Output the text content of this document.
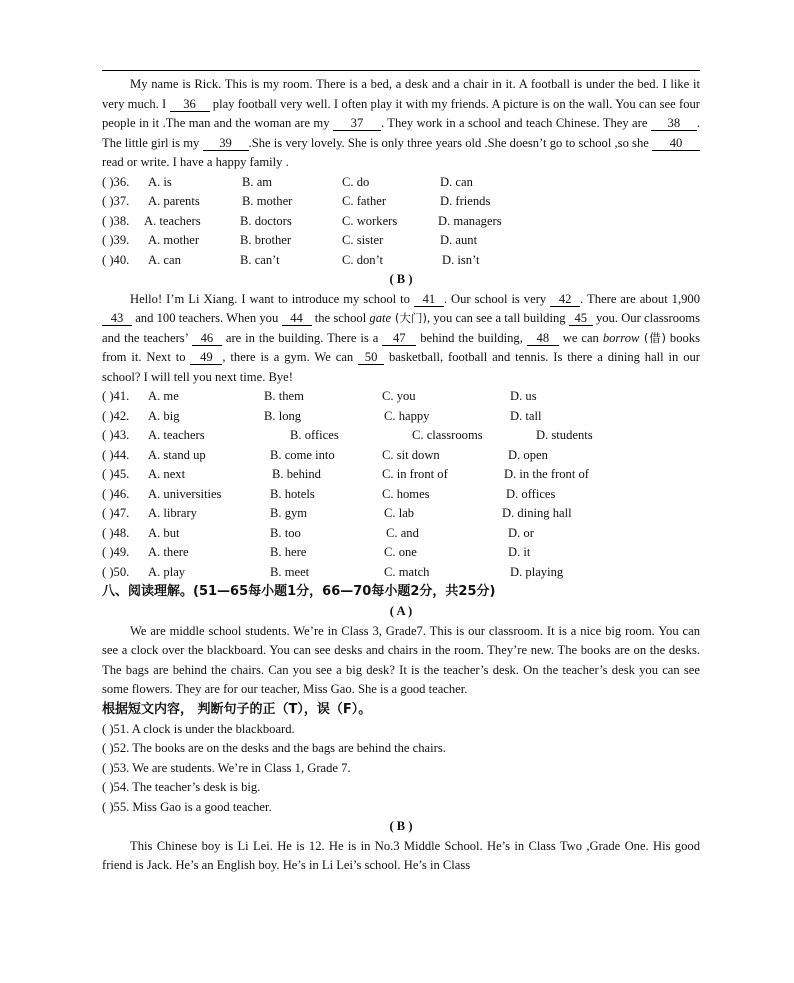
My name is Rick. This is my room. There is a bed, a desk and a chair in it. A football is under the bed. I like it very much. I 36 play football very well. I often play it with my friends. A picture is on the wall. You can see four people in it .The man and the woman are my 37 . They work in a school and teach Chinese. They are 38 . The little girl is my 39 .She is very lovely. She is only three years old .She doesn’t go to school ,so she 40read or write. I have a happy family .

( )36.	A. is	B. am	C. do	D. can
( )37.	A. parents	B. mother	C. father	D. friends
( )38.	A. teachers	B. doctors	C. workers	D. managers
( )39.	A. mother	B. brother	C. sister	D. aunt
( )40.	A. can	B. can’t	C. don’t	D. isn’t
( B )

Hello! I’m Li Xiang. I want to introduce my school to 41 . Our school is very 42 . There are about 1,900 43 and 100 teachers. When you 44 the school gate (大门), you can see a tall building 45 you. Our classrooms and the teachers’ 46 are in the building. There is a 47 behind the building, 48 we can borrow (借) books from it. Next to 49 , there is a gym. We can 50 basketball, football and tennis. Is there a dining hall in our school? I will tell you next time. Bye!

( )41.	A. me	B. them	C. you	D. us
( )42.	A. big	B. long	C. happy	D. tall
( )43.	A. teachers	B. offices	C. classrooms	D. students
( )44.	A. stand up	B. come into	C. sit down	D. open
( )45.	A. next	B. behind	C. in front of	D. in the front of
( )46.	A. universities	B. hotels	C. homes	D. offices
( )47.	A. library	B. gym	C. lab	D. dining hall
( )48.	A. but	B. too	C. and	D. or
( )49.	A. there	B. here	C. one	D. it
( )50.	A. play	B. meet	C. match	D. playing
八、阅读理解。(51—65每小题1分，66—70每小题2分，共25分)
( A )

We are middle school students. We’re in Class 3, Grade7. This is our classroom. It is a nice big room. You can see a clock over the blackboard. You can see desks and chairs in the room. They’re new. The books are on the desks. The bags are behind the chairs. Can you see a big desk? It is the teacher’s desk. On the teacher’s desk you can see some flowers. They are for our teacher, Miss Gao. She is a good teacher.

根据短文内容， 判断句子的正（T），误（F）。
( )51. A clock is under the blackboard.
( )52. The books are on the desks and the bags are behind the chairs.
( )53. We are students. We’re in Class 1, Grade 7.
( )54. The teacher’s desk is big.
( )55. Miss Gao is a good teacher.
( B )

This Chinese boy is Li Lei. He is 12. He is in No.3 Middle School. He’s in Class Two ,Grade One. His good friend is Jack. He’s an English boy. He’s in Li Lei’s school. He’s in Class
